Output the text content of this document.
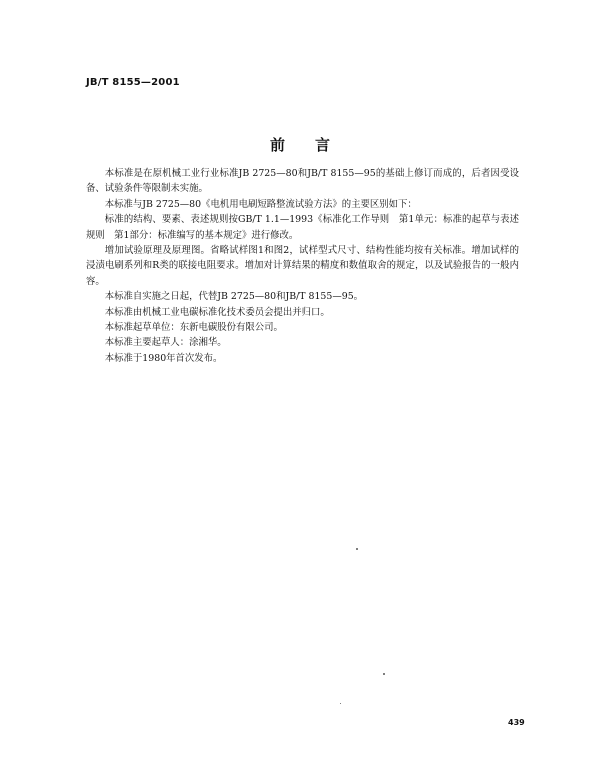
JB/T 8155—2001
前言

本标准是在原机械工业行业标准JB 2725—80和JB/T 8155—95的基础上修订而成的，后者因受设备、试验条件等限制未实施。

本标准与JB 2725—80《电机用电刷短路整流试验方法》的主要区别如下：

标准的结构、要素、表述规则按GB/T 1.1—1993《标准化工作导则　第1单元：标准的起草与表述规则　第1部分：标准编写的基本规定》进行修改。

增加试验原理及原理图。省略试样图1和图2，试样型式尺寸、结构性能均按有关标准。增加试样的浸渍电刷系列和R类的联接电阻要求。增加对计算结果的精度和数值取舍的规定，以及试验报告的一般内容。

本标准自实施之日起，代替JB 2725—80和JB/T 8155—95。

本标准由机械工业电碳标准化技术委员会提出并归口。

本标准起草单位：东新电碳股份有限公司。

本标准主要起草人：涂湘华。

本标准于1980年首次发布。

439
